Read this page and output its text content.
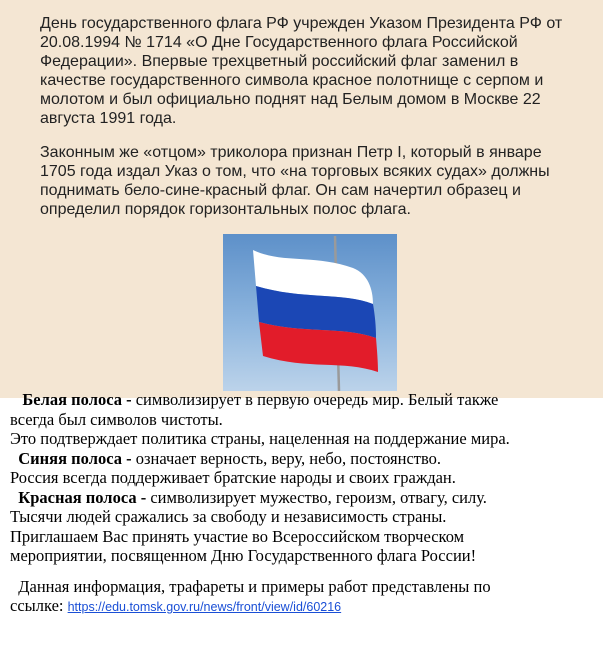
День государственного флага РФ учрежден Указом Президента РФ от 20.08.1994 № 1714 «О Дне Государственного флага Российской Федерации». Впервые трехцветный российский флаг заменил в качестве государственного символа красное полотнище с серпом и молотом и был официально поднят над Белым домом в Москве 22 августа 1991 года.

Законным же «отцом» триколора признан Петр I, который в январе 1705 года издал Указ о том, что «на торговых всяких судах» должны поднимать бело-сине-красный флаг. Он сам начертил образец и определил порядок горизонтальных полос флага.

Белая полоса - символизирует в первую очередь мир. Белый также
всегда был символов чистоты.
Это подтверждает политика страны, нацеленная на поддержание мира.
Синяя полоса - означает верность, веру, небо, постоянство.
Россия всегда поддерживает братские народы и своих граждан.
Красная полоса - символизирует мужество, героизм, отвагу, силу.
Тысячи людей сражались за свободу и независимость страны.
Приглашаем Вас принять участие во Всероссийском творческом
мероприятии, посвященном Дню Государственного флага России!
Данная информация, трафареты и примеры работ представлены по
ссылке: https://edu.tomsk.gov.ru/news/front/view/id/60216
